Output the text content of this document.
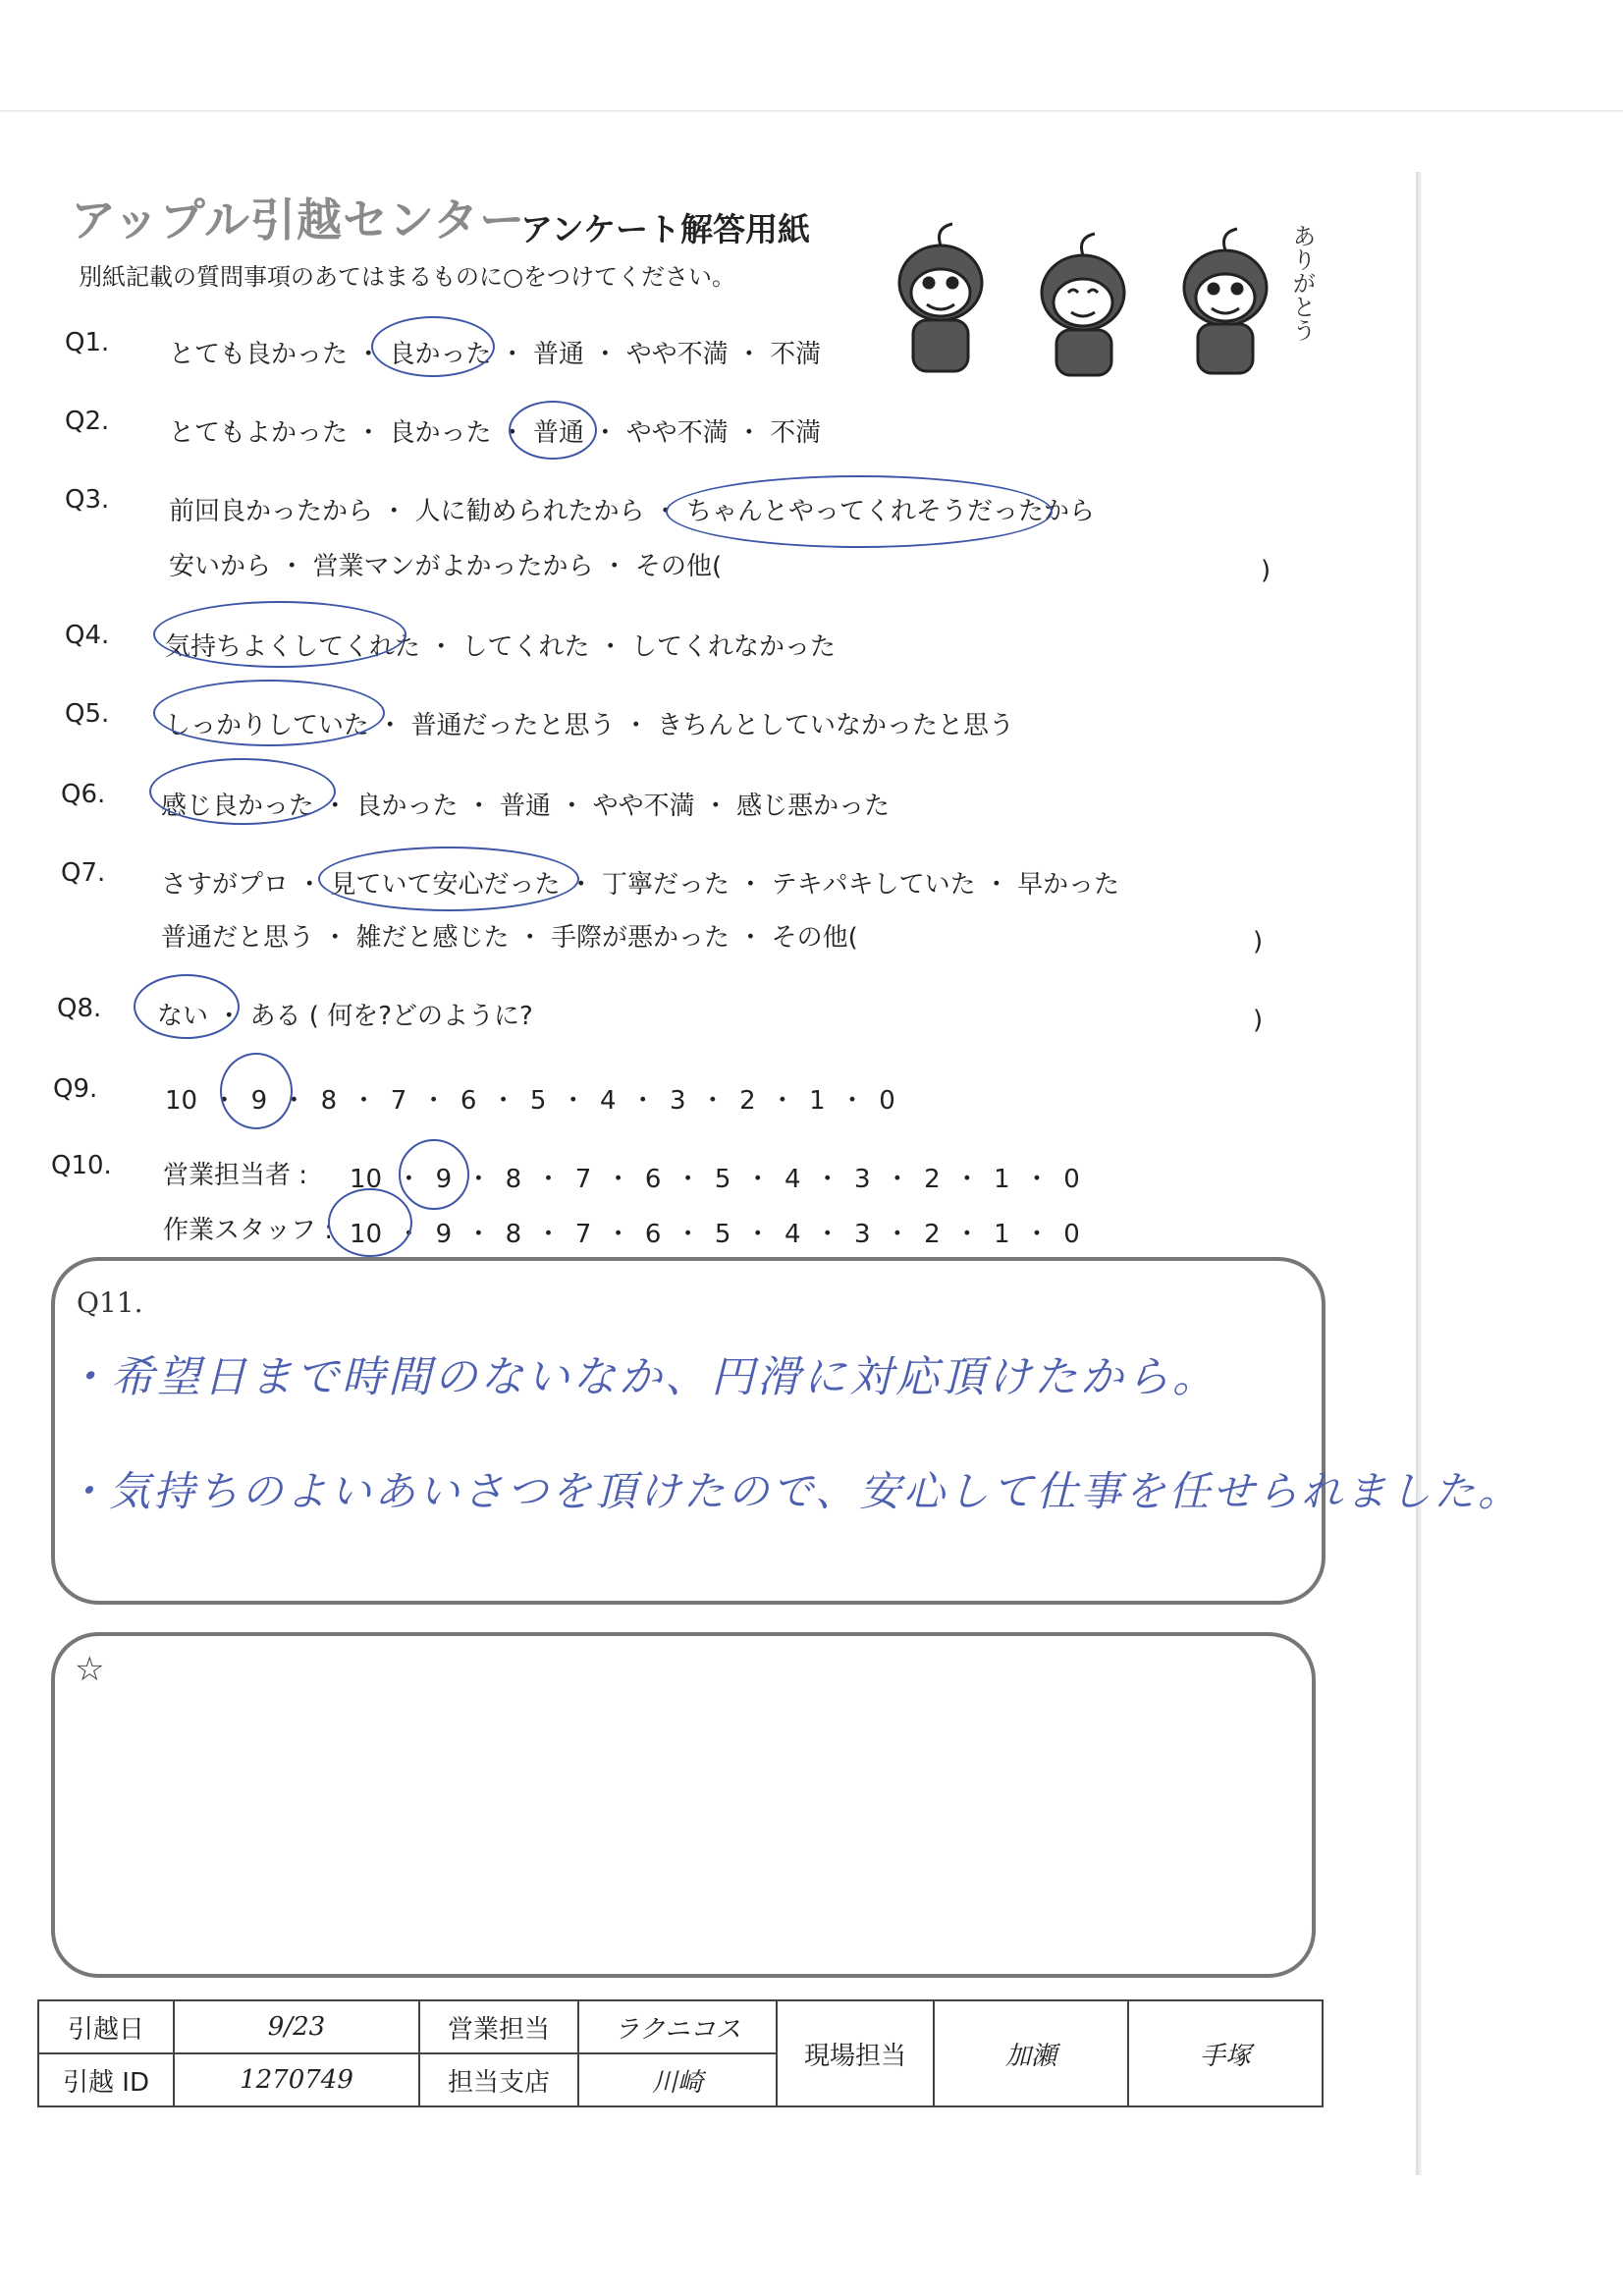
アップル引越センター
アンケート解答用紙
別紙記載の質問事項のあてはまるものに○をつけてください。	ありがとう
Q1. とても良かった ・ 良かった ・ 普通 ・ やや不満 ・ 不満
Q2. とてもよかった ・ 良かった ・ 普通 ・ やや不満 ・ 不満
Q3. 前回良かったから ・ 人に勧められたから ・ ちゃんとやってくれそうだったから
安いから ・ 営業マンがよかったから ・ その他(	)
Q4. 気持ちよくしてくれた ・ してくれた ・ してくれなかった
Q5. しっかりしていた ・ 普通だったと思う ・ きちんとしていなかったと思う
Q6. 感じ良かった ・ 良かった ・ 普通 ・ やや不満 ・ 感じ悪かった
Q7. さすがプロ ・ 見ていて安心だった ・ 丁寧だった ・ テキパキしていた ・ 早かった
普通だと思う ・ 雑だと感じた ・ 手際が悪かった ・ その他(	)
Q8. ない ・ ある ( 何を?どのように?	)
Q9.	10 ・ 9 ・ 8 ・ 7 ・ 6 ・ 5 ・ 4 ・ 3 ・ 2 ・ 1 ・ 0
Q10. 営業担当者 : 10 ・ 9 ・ 8 ・ 7 ・ 6 ・ 5 ・ 4 ・ 3 ・ 2 ・ 1 ・ 0
作業スタッフ : 10 ・ 9 ・ 8 ・ 7 ・ 6 ・ 5 ・ 4 ・ 3 ・ 2 ・ 1 ・ 0
Q11.
・希望日まで時間のないなか、円滑に対応頂けたから。
・気持ちのよいあいさつを頂けたので、安心して仕事を任せられました。
☆
引越日	9/23	営業担当	ラクニコス	現場担当	加瀬	手塚
引越 ID	1270749	担当支店	川崎			
